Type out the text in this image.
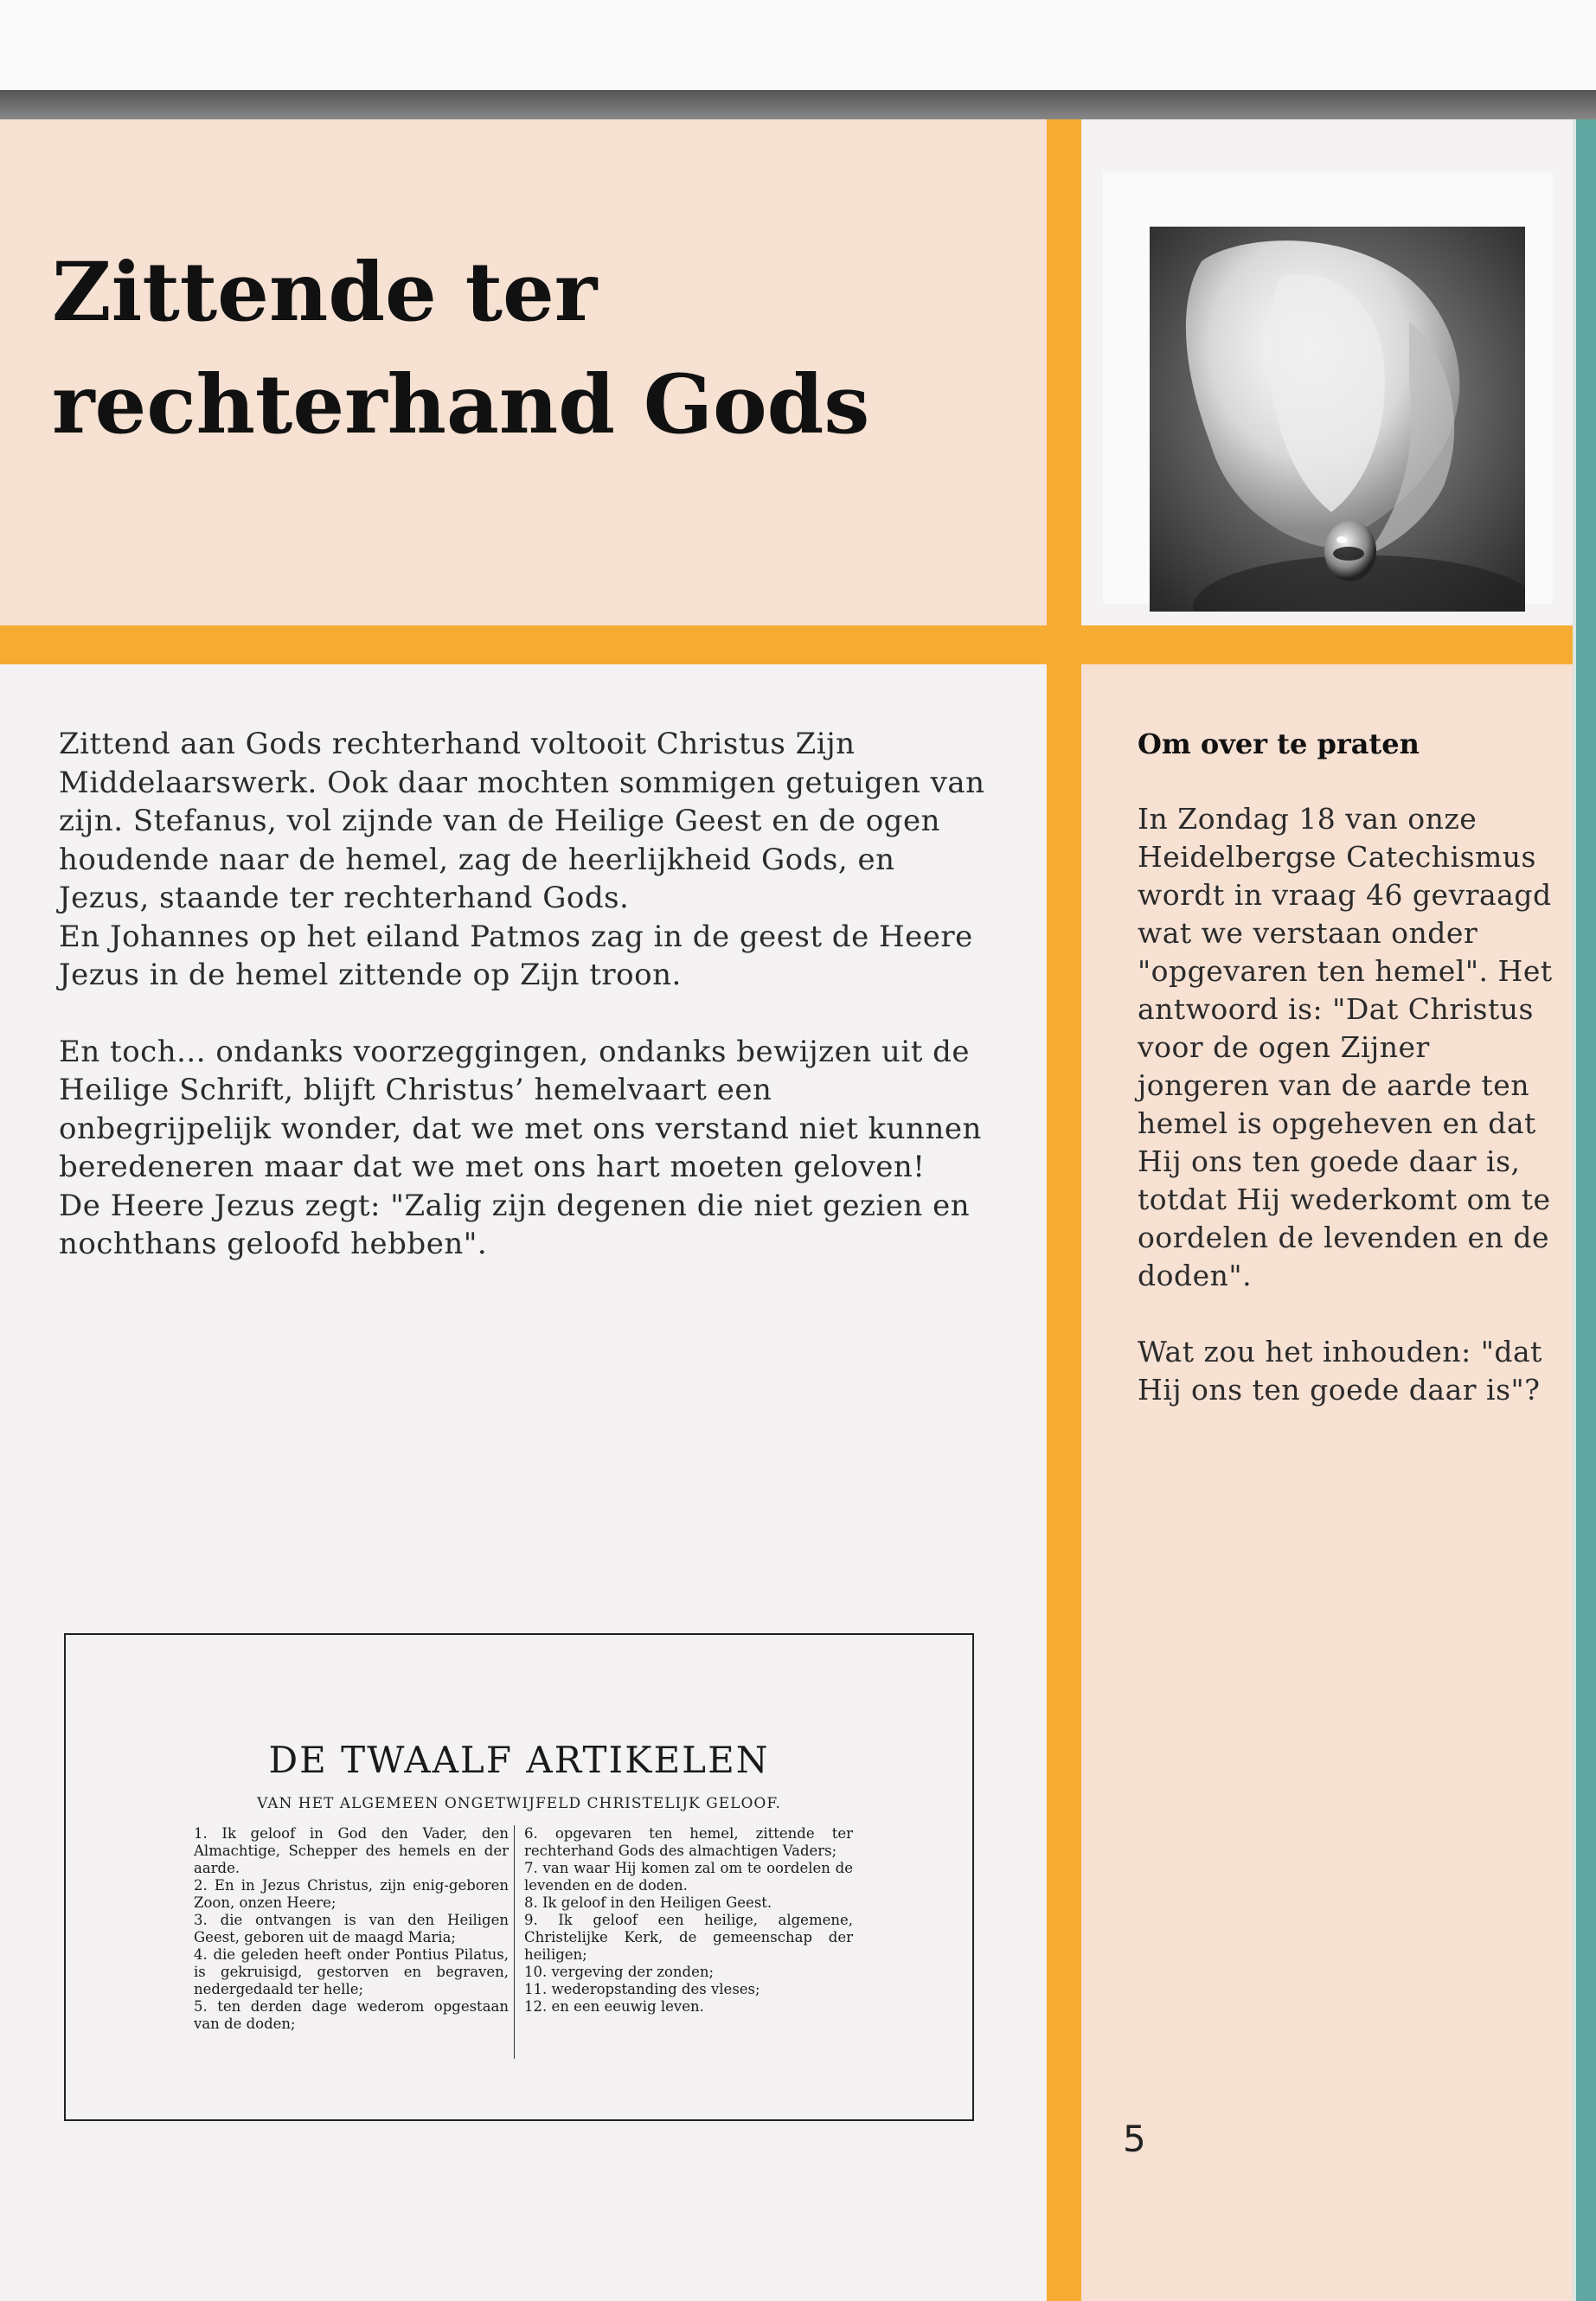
Zittende ter
rechterhand Gods

Zittend aan Gods rechterhand voltooit Christus Zijn Middelaarswerk. Ook daar mochten sommigen getuigen van zijn. Stefanus, vol zijnde van de Heilige Geest en de ogen houdende naar de hemel, zag de heerlijkheid Gods, en Jezus, staande ter rechterhand Gods.
En Johannes op het eiland Patmos zag in de geest de Heere Jezus in de hemel zittende op Zijn troon.

En toch... ondanks voorzeggingen, ondanks bewijzen uit de Heilige Schrift, blijft Christus’ hemelvaart een onbegrijpelijk wonder, dat we met ons verstand niet kunnen beredeneren maar dat we met ons hart moeten geloven!
De Heere Jezus zegt: "Zalig zijn degenen die niet gezien en nochthans geloofd hebben".

Om over te praten

In Zondag 18 van onze Heidelbergse Catechismus wordt in vraag 46 gevraagd wat we verstaan onder "opgevaren ten hemel". Het antwoord is: "Dat Christus voor de ogen Zijner jongeren van de aarde ten hemel is opgeheven en dat Hij ons ten goede daar is, totdat Hij wederkomt om te oordelen de levenden en de doden".

Wat zou het inhouden: "dat Hij ons ten goede daar is"?

DE TWAALF ARTIKELEN
VAN HET ALGEMEEN ONGETWIJFELD CHRISTELIJK GELOOF.

1. Ik geloof in God den Vader, den Almachtige, Schepper des hemels en der aarde.

2. En in Jezus Christus, zijn enig-geboren Zoon, onzen Heere;

3. die ontvangen is van den Heiligen Geest, geboren uit de maagd Maria;

4. die geleden heeft onder Pontius Pilatus, is gekruisigd, gestorven en begraven, nedergedaald ter helle;

5. ten derden dage wederom opgestaan van de doden;

6. opgevaren ten hemel, zittende ter rechterhand Gods des almachtigen Vaders;

7. van waar Hij komen zal om te oordelen de levenden en de doden.

8. Ik geloof in den Heiligen Geest.

9. Ik geloof een heilige, algemene, Christelijke Kerk, de gemeenschap der heiligen;

10. vergeving der zonden;

11. wederopstanding des vleses;

12. en een eeuwig leven.

5
